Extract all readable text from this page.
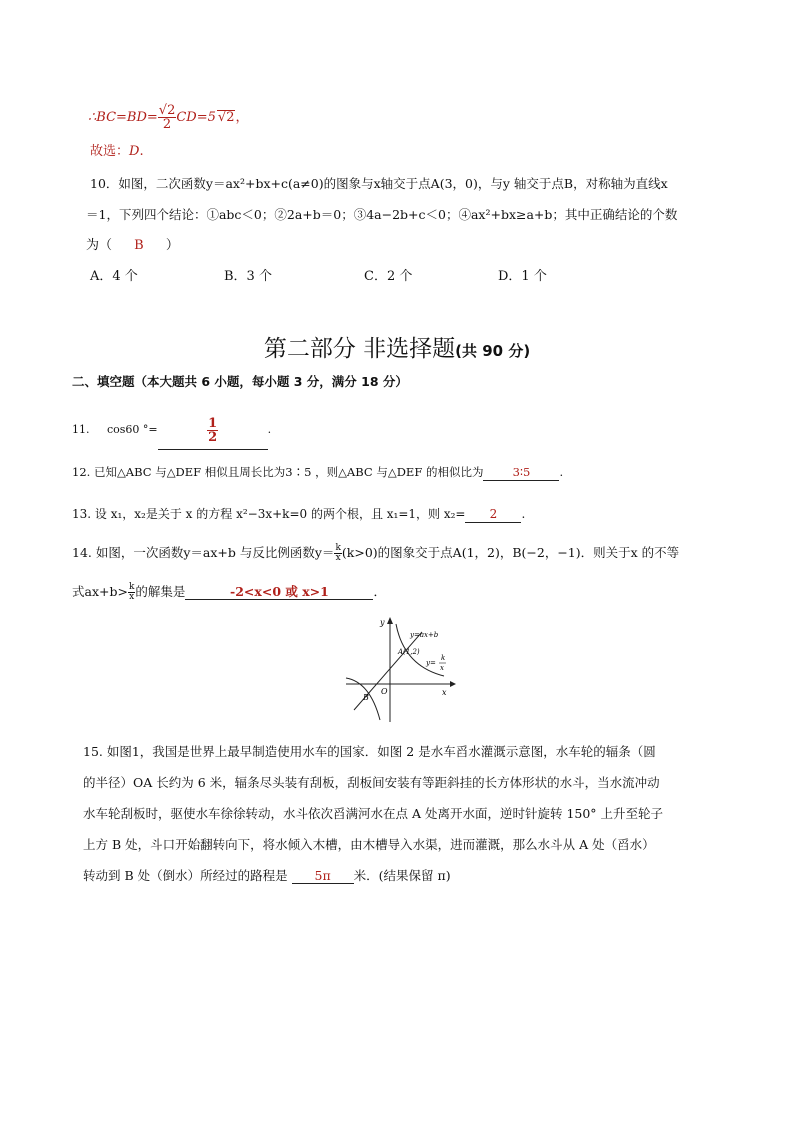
∴BC=BD= $\frac{√2}{2} CD=5$ √2，
故选：D.
10．如图，二次函数y＝ax²+bx+c(a≠0)的图象与x轴交于点A(3，0)，与y 轴交于点B，对称轴为直线x
＝1，下列四个结论：①abc＜0；②2a+b＝0；③4a−2b+c＜0；④ax²+bx≥a+b；其中正确结论的个数
为（ B ）
A．4 个	B．3 个	C．2 个	D．1 个
第二部分 非选择题(共 90 分)
二、填空题（本大题共 6 小题，每小题 3 分，满分 18 分）
11. cos60 °=	$\frac{1}{2}$	.
12. 已知△ABC 与△DEF 相似且周长比为3∶5 ，则△ABC 与△DEF 的相似比为	3∶5	.
13. 设 x₁，x₂是关于 x 的方程 x²−3x+k=0 的两个根，且 x₁=1，则 x₂= 2 .
14. 如图，一次函数y＝ax+b 与反比例函数$y= \frac{k}{x} (k>0)$的图象交于点A(1，2)，B(−2，−1)．则关于x 的不等
式$ax+b> \frac{k}{x}$ 的解集是	-2<x<0 或 x>1	．
y
x
O
y=ax+b
A(1,2)
y=
k
x
B
15. 如图1，我国是世界上最早制造使用水车的国家．如图 2 是水车舀水灌溉示意图，水车轮的辐条（圆
的半径）OA 长约为 6 米，辐条尽头装有刮板，刮板间安装有等距斜挂的长方体形状的水斗，当水流冲动
水车轮刮板时，驱使水车徐徐转动，水斗依次舀满河水在点 A 处离开水面，逆时针旋转 150° 上升至轮子
上方 B 处，斗口开始翻转向下，将水倾入木槽，由木槽导入水渠，进而灌溉，那么水斗从 A 处（舀水）
转动到 B 处（倒水）所经过的路程是 5π 米．(结果保留 π)
